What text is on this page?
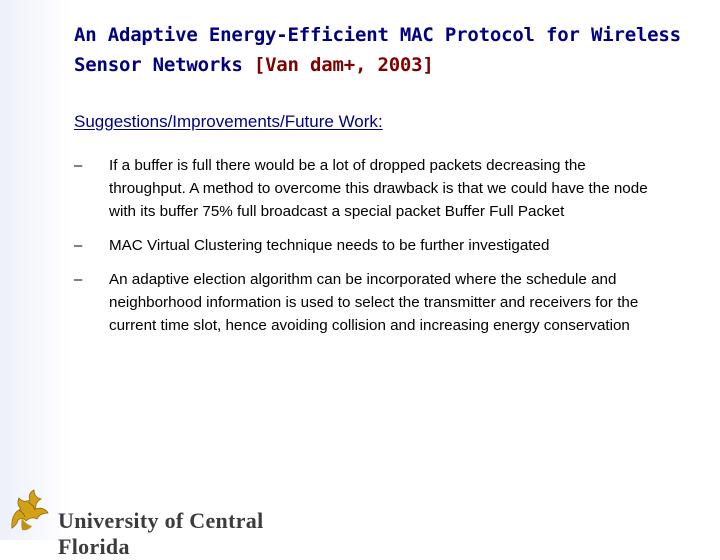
An Adaptive Energy-Efficient MAC Protocol for Wireless Sensor Networks [Van dam+, 2003]
Suggestions/Improvements/Future Work:
–	If a buffer is full there would be a lot of dropped packets decreasing the throughput. A method to overcome this drawback is that we could have the node with its buffer 75% full broadcast a special packet Buffer Full Packet
–	MAC Virtual Clustering technique needs to be further investigated
–	An adaptive election algorithm can be incorporated where the schedule and neighborhood information is used to select the transmitter and receivers for the current time slot, hence avoiding collision and increasing energy conservation
University of Central Florida
